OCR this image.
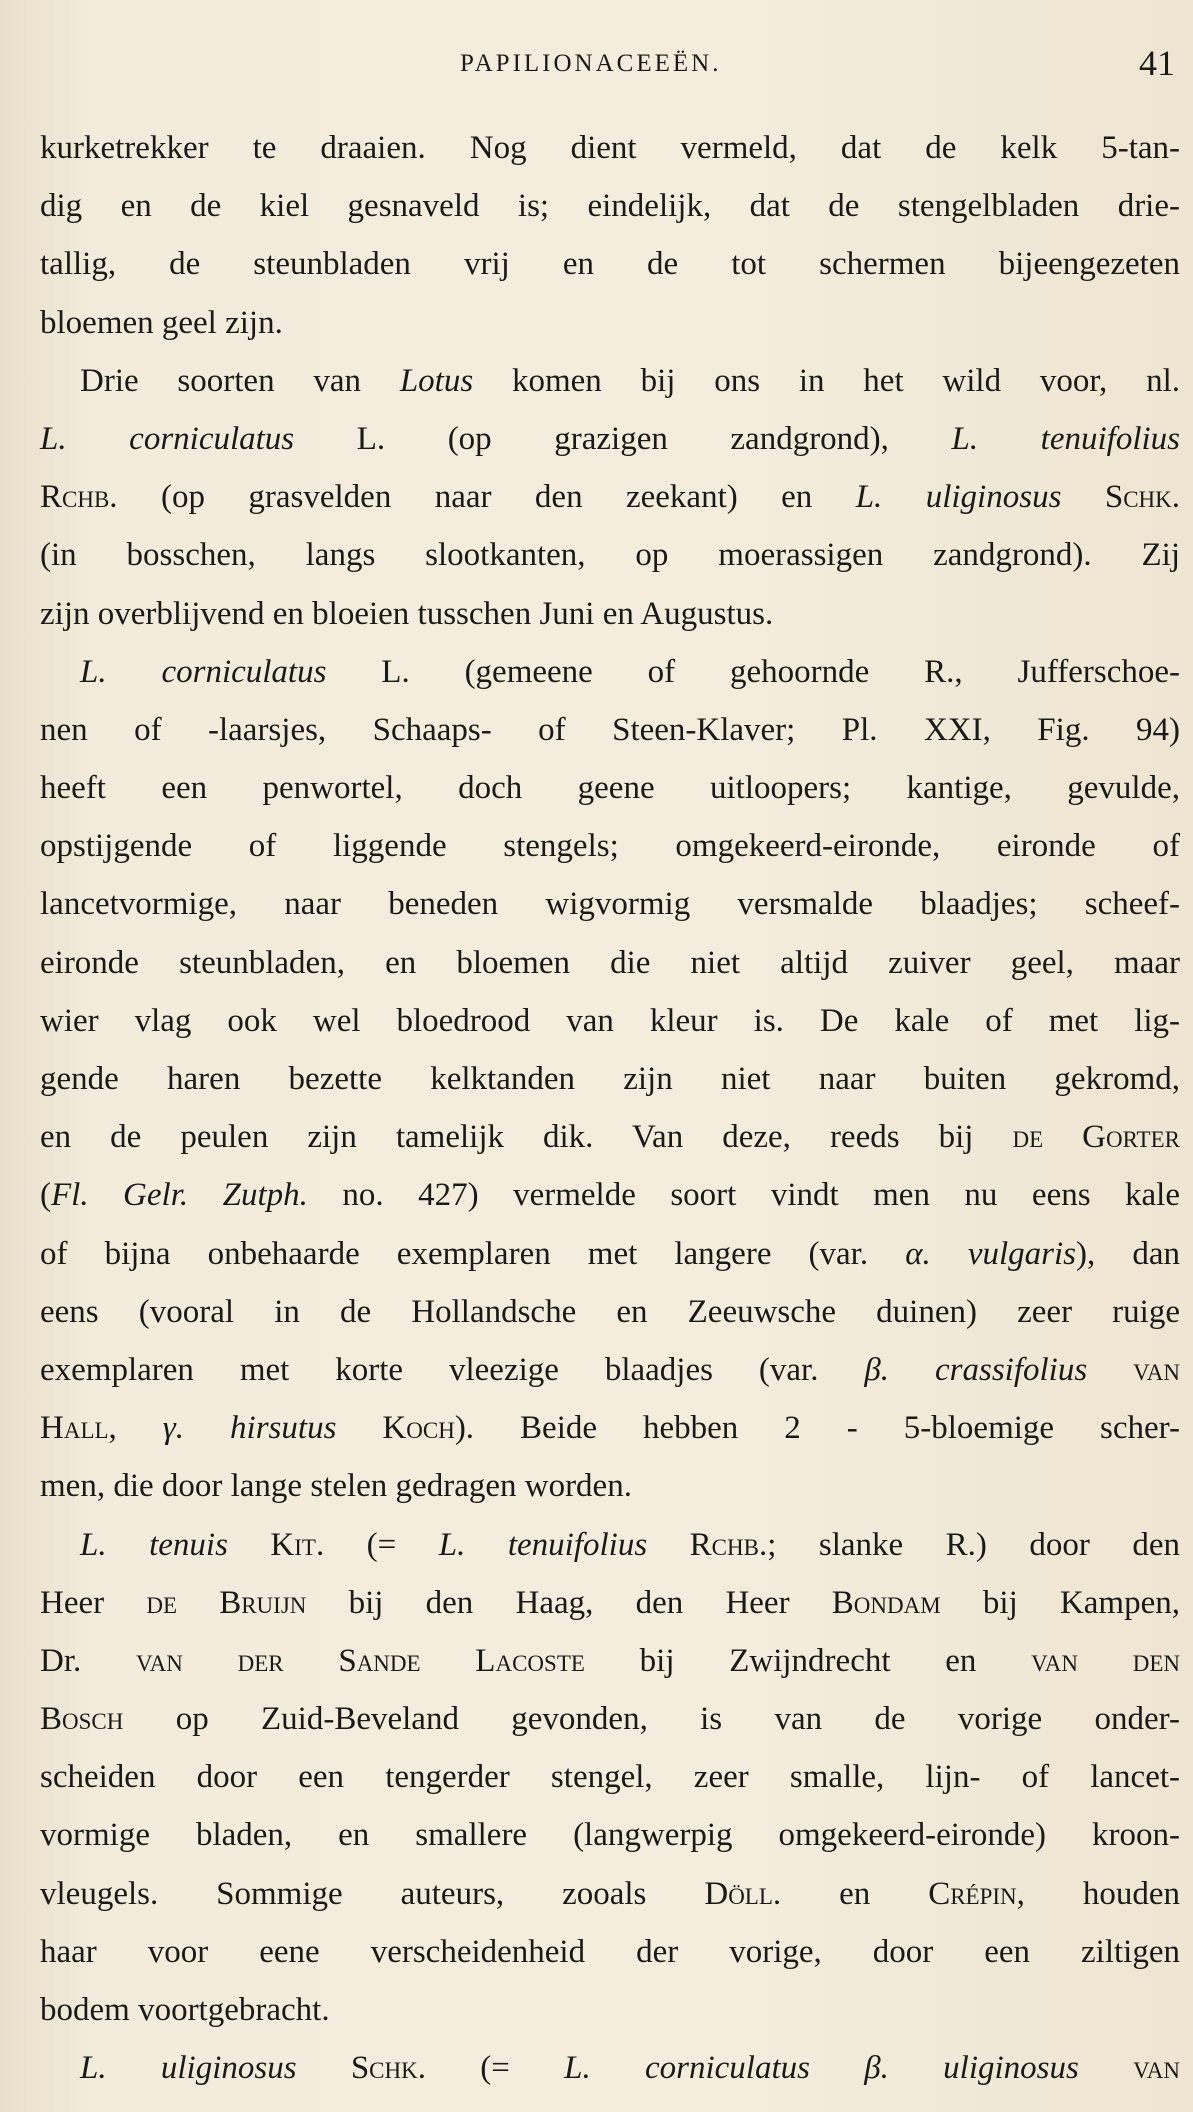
PAPILIONACEEËN.	41
kurketrekker te draaien. Nog dient vermeld, dat de kelk 5-tan-
dig en de kiel gesnaveld is; eindelijk, dat de stengelbladen drie-
tallig, de steunbladen vrij en de tot schermen bijeengezeten
bloemen geel zijn.
Drie soorten van Lotus komen bij ons in het wild voor, nl.
L. corniculatus L. (op grazigen zandgrond), L. tenuifolius
Rchb. (op grasvelden naar den zeekant) en L. uliginosus Schk.
(in bosschen, langs slootkanten, op moerassigen zandgrond). Zij
zijn overblijvend en bloeien tusschen Juni en Augustus.
L. corniculatus L. (gemeene of gehoornde R., Jufferschoe-
nen of -laarsjes, Schaaps- of Steen-Klaver; Pl. XXI, Fig. 94)
heeft een penwortel, doch geene uitloopers; kantige, gevulde,
opstijgende of liggende stengels; omgekeerd-eironde, eironde of
lancetvormige, naar beneden wigvormig versmalde blaadjes; scheef-
eironde steunbladen, en bloemen die niet altijd zuiver geel, maar
wier vlag ook wel bloedrood van kleur is. De kale of met lig-
gende haren bezette kelktanden zijn niet naar buiten gekromd,
en de peulen zijn tamelijk dik. Van deze, reeds bij de Gorter
(Fl. Gelr. Zutph. no. 427) vermelde soort vindt men nu eens kale
of bijna onbehaarde exemplaren met langere (var. α. vulgaris), dan
eens (vooral in de Hollandsche en Zeeuwsche duinen) zeer ruige
exemplaren met korte vleezige blaadjes (var. β. crassifolius van
Hall, γ. hirsutus Koch). Beide hebben 2 - 5-bloemige scher-
men, die door lange stelen gedragen worden.
L. tenuis Kit. (= L. tenuifolius Rchb.; slanke R.) door den
Heer de Bruijn bij den Haag, den Heer Bondam bij Kampen,
Dr. van der Sande Lacoste bij Zwijndrecht en van den
Bosch op Zuid-Beveland gevonden, is van de vorige onder-
scheiden door een tengerder stengel, zeer smalle, lijn- of lancet-
vormige bladen, en smallere (langwerpig omgekeerd-eironde) kroon-
vleugels. Sommige auteurs, zooals Döll. en Crépin, houden
haar voor eene verscheidenheid der vorige, door een ziltigen
bodem voortgebracht.
L. uliginosus Schk. (= L. corniculatus β. uliginosus van
